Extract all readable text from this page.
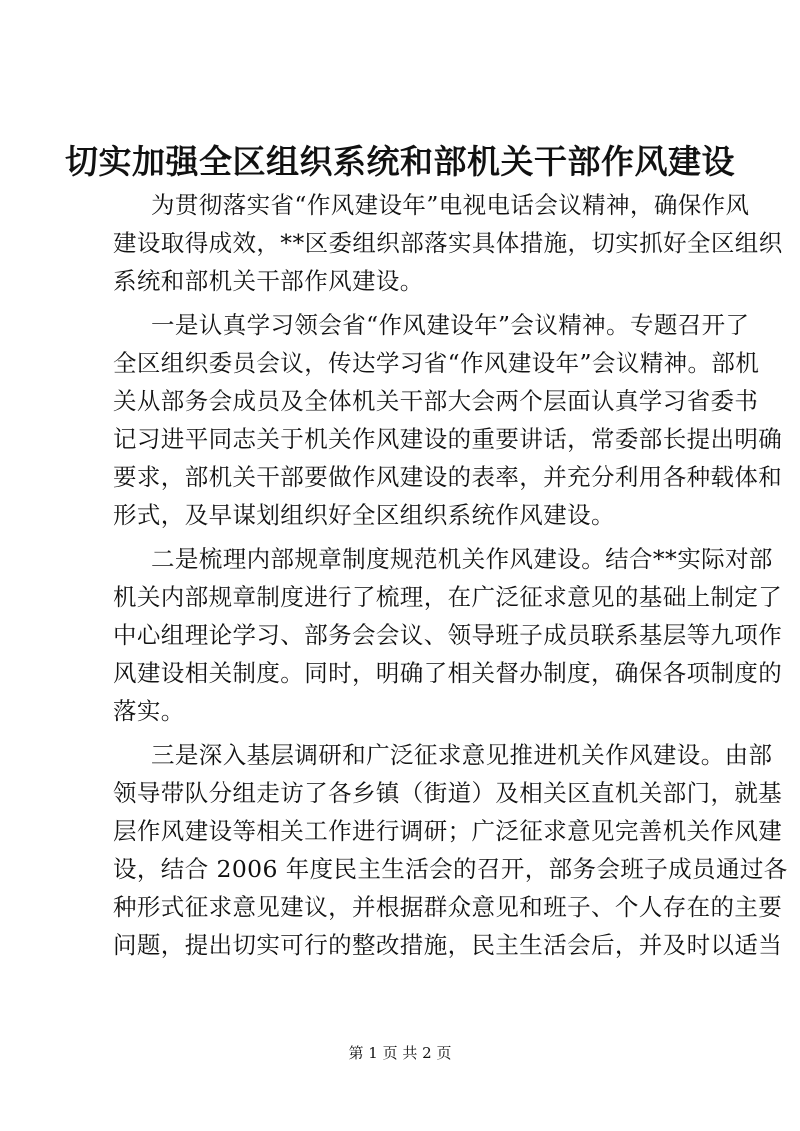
切实加强全区组织系统和部机关干部作风建设
为贯彻落实省“作风建设年”电视电话会议精神，确保作风
建设取得成效，**区委组织部落实具体措施，切实抓好全区组织
系统和部机关干部作风建设。
一是认真学习领会省“作风建设年”会议精神。专题召开了
全区组织委员会议，传达学习省“作风建设年”会议精神。部机
关从部务会成员及全体机关干部大会两个层面认真学习省委书
记习进平同志关于机关作风建设的重要讲话，常委部长提出明确
要求，部机关干部要做作风建设的表率，并充分利用各种载体和
形式，及早谋划组织好全区组织系统作风建设。
二是梳理内部规章制度规范机关作风建设。结合**实际对部
机关内部规章制度进行了梳理，在广泛征求意见的基础上制定了
中心组理论学习、部务会会议、领导班子成员联系基层等九项作
风建设相关制度。同时，明确了相关督办制度，确保各项制度的
落实。
三是深入基层调研和广泛征求意见推进机关作风建设。由部
领导带队分组走访了各乡镇（街道）及相关区直机关部门，就基
层作风建设等相关工作进行调研；广泛征求意见完善机关作风建
设，结合 2006 年度民主生活会的召开，部务会班子成员通过各
种形式征求意见建议，并根据群众意见和班子、个人存在的主要
问题，提出切实可行的整改措施，民主生活会后，并及时以适当
第 1 页 共 2 页
